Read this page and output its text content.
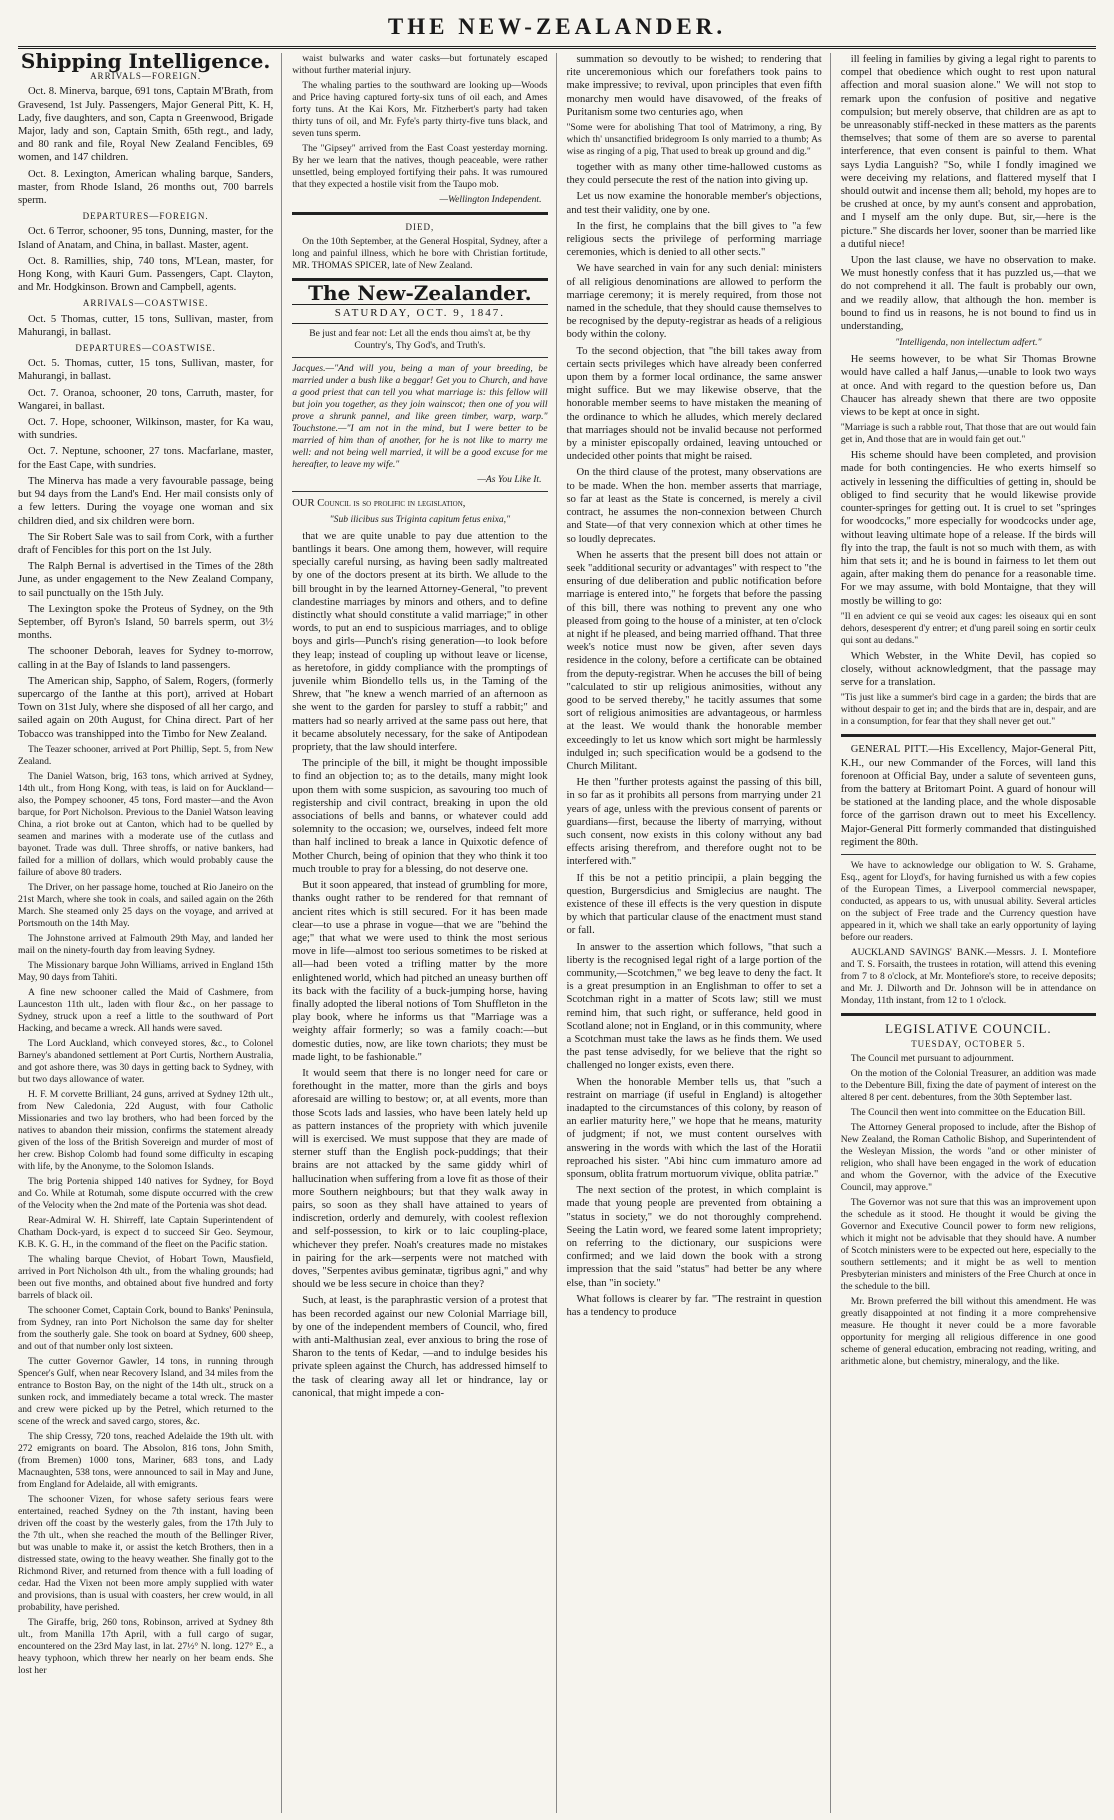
THE NEW-ZEALANDER.
Shipping Intelligence.
ARRIVALS—FOREIGN.

Oct. 8. Minerva, barque, 691 tons, Captain M'Brath, from Gravesend, 1st July. Passengers, Major General Pitt, K. H, Lady, five daughters, and son, Capta n Greenwood, Brigade Major, lady and son, Captain Smith, 65th regt., and lady, and 80 rank and file, Royal New Zealand Fencibles, 69 women, and 147 children.

Oct. 8. Lexington, American whaling barque, Sanders, master, from Rhode Island, 26 months out, 700 barrels sperm.

DEPARTURES—FOREIGN.

Oct. 6 Terror, schooner, 95 tons, Dunning, master, for the Island of Anatam, and China, in ballast. Master, agent.

Oct. 8. Ramillies, ship, 740 tons, M'Lean, master, for Hong Kong, with Kauri Gum. Passengers, Capt. Clayton, and Mr. Hodgkinson. Brown and Campbell, agents.

ARRIVALS—COASTWISE.

Oct. 5 Thomas, cutter, 15 tons, Sullivan, master, from Mahurangi, in ballast.

DEPARTURES—COASTWISE.

Oct. 5. Thomas, cutter, 15 tons, Sullivan, master, for Mahurangi, in ballast.

Oct. 7. Oranoa, schooner, 20 tons, Carruth, master, for Wangarei, in ballast.

Oct. 7. Hope, schooner, Wilkinson, master, for Ka wau, with sundries.

Oct. 7. Neptune, schooner, 27 tons. Macfarlane, master, for the East Cape, with sundries.

The Minerva has made a very favourable passage, being but 94 days from the Land's End. Her mail consists only of a few letters. During the voyage one woman and six children died, and six children were born.

The Sir Robert Sale was to sail from Cork, with a further draft of Fencibles for this port on the 1st July.

The Ralph Bernal is advertised in the Times of the 28th June, as under engagement to the New Zealand Company, to sail punctually on the 15th July.

The Lexington spoke the Proteus of Sydney, on the 9th September, off Byron's Island, 50 barrels sperm, out 3½ months.

The schooner Deborah, leaves for Sydney to-morrow, calling in at the Bay of Islands to land passengers.

The American ship, Sappho, of Salem, Rogers, (formerly supercargo of the Ianthe at this port), arrived at Hobart Town on 31st July, where she disposed of all her cargo, and sailed again on 20th August, for China direct. Part of her Tobacco was transhipped into the Timbo for New Zealand.

The Teazer schooner, arrived at Port Phillip, Sept. 5, from New Zealand.

The Daniel Watson, brig, 163 tons, which arrived at Sydney, 14th ult., from Hong Kong, with teas, is laid on for Auckland—also, the Pompey schooner, 45 tons, Ford master—and the Avon barque, for Port Nicholson. Previous to the Daniel Watson leaving China, a riot broke out at Canton, which had to be quelled by seamen and marines with a moderate use of the cutlass and bayonet. Trade was dull. Three shroffs, or native bankers, had failed for a million of dollars, which would probably cause the failure of above 80 traders.

The Driver, on her passage home, touched at Rio Janeiro on the 21st March, where she took in coals, and sailed again on the 26th March. She steamed only 25 days on the voyage, and arrived at Portsmouth on the 14th May.

The Johnstone arrived at Falmouth 29th May, and landed her mail on the ninety-fourth day from leaving Sydney.

The Missionary barque John Williams, arrived in England 15th May, 90 days from Tahiti.

A fine new schooner called the Maid of Cashmere, from Launceston 11th ult., laden with flour &c., on her passage to Sydney, struck upon a reef a little to the southward of Port Hacking, and became a wreck. All hands were saved.

The Lord Auckland, which conveyed stores, &c., to Colonel Barney's abandoned settlement at Port Curtis, Northern Australia, and got ashore there, was 30 days in getting back to Sydney, with but two days allowance of water.

H. F. M corvette Brilliant, 24 guns, arrived at Sydney 12th ult., from New Caledonia, 22d August, with four Catholic Missionaries and two lay brothers, who had been forced by the natives to abandon their mission, confirms the statement already given of the loss of the British Sovereign and murder of most of her crew. Bishop Colomb had found some difficulty in escaping with life, by the Anonyme, to the Solomon Islands.

The brig Portenia shipped 140 natives for Sydney, for Boyd and Co. While at Rotumah, some dispute occurred with the crew of the Velocity when the 2nd mate of the Portenia was shot dead.

Rear-Admiral W. H. Shirreff, late Captain Superintendent of Chatham Dock-yard, is expect d to succeed Sir Geo. Seymour, K.B. K. G. H., in the command of the fleet on the Pacific station.

The whaling barque Cheviot, of Hobart Town, Mausfield, arrived in Port Nicholson 4th ult., from the whaling grounds; had been out five months, and obtained about five hundred and forty barrels of black oil.

The schooner Comet, Captain Cork, bound to Banks' Peninsula, from Sydney, ran into Port Nicholson the same day for shelter from the southerly gale. She took on board at Sydney, 600 sheep, and out of that number only lost sixteen.

The cutter Governor Gawler, 14 tons, in running through Spencer's Gulf, when near Recovery Island, and 34 miles from the entrance to Boston Bay, on the night of the 14th ult., struck on a sunken rock, and immediately became a total wreck. The master and crew were picked up by the Petrel, which returned to the scene of the wreck and saved cargo, stores, &c.

The ship Cressy, 720 tons, reached Adelaide the 19th ult. with 272 emigrants on board. The Absolon, 816 tons, John Smith, (from Bremen) 1000 tons, Mariner, 683 tons, and Lady Macnaughten, 538 tons, were announced to sail in May and June, from England for Adelaide, all with emigrants.

The schooner Vizen, for whose safety serious fears were entertained, reached Sydney on the 7th instant, having been driven off the coast by the westerly gales, from the 17th July to the 7th ult., when she reached the mouth of the Bellinger River, but was unable to make it, or assist the ketch Brothers, then in a distressed state, owing to the heavy weather. She finally got to the Richmond River, and returned from thence with a full loading of cedar. Had the Vixen not been more amply supplied with water and provisions, than is usual with coasters, her crew would, in all probability, have perished.

The Giraffe, brig, 260 tons, Robinson, arrived at Sydney 8th ult., from Manilla 17th April, with a full cargo of sugar, encountered on the 23rd May last, in lat. 27½° N. long. 127° E., a heavy typhoon, which threw her nearly on her beam ends. She lost her

waist bulwarks and water casks—but fortunately escaped without further material injury.

The whaling parties to the southward are looking up—Woods and Price having captured forty-six tuns of oil each, and Ames forty tuns. At the Kai Kors, Mr. Fitzherbert's party had taken thirty tuns of oil, and Mr. Fyfe's party thirty-five tuns black, and seven tuns sperm.

The "Gipsey" arrived from the East Coast yesterday morning. By her we learn that the natives, though peaceable, were rather unsettled, being employed fortifying their pahs. It was rumoured that they expected a hostile visit from the Taupo mob.

—Wellington Independent.
DIED,

On the 10th September, at the General Hospital, Sydney, after a long and painful illness, which he bore with Christian fortitude, MR. THOMAS SPICER, late of New Zealand.

The New-Zealander.
SATURDAY, OCT. 9, 1847.
Be just and fear not: Let all the ends thou aims't at, be thy Country's, Thy God's, and Truth's.

Jacques.—"And will you, being a man of your breeding, be married under a bush like a beggar! Get you to Church, and have a good priest that can tell you what marriage is: this fellow will but join you together, as they join wainscot; then one of you will prove a shrunk pannel, and like green timber, warp, warp." Touchstone.—"I am not in the mind, but I were better to be married of him than of another, for he is not like to marry me well: and not being well married, it will be a good excuse for me hereafter, to leave my wife."

—As You Like It.

OUR Council is so prolific in legislation,

"Sub ilicibus sus Triginta capitum fetus enixa,"

that we are quite unable to pay due attention to the bantlings it bears. One among them, however, will require specially careful nursing, as having been sadly maltreated by one of the doctors present at its birth. We allude to the bill brought in by the learned Attorney-General, "to prevent clandestine marriages by minors and others, and to define distinctly what should constitute a valid marriage;" in other words, to put an end to suspicious marriages, and to oblige boys and girls—Punch's rising generation—to look before they leap; instead of coupling up without leave or license, as heretofore, in giddy compliance with the promptings of juvenile whim Biondello tells us, in the Taming of the Shrew, that "he knew a wench married of an afternoon as she went to the garden for parsley to stuff a rabbit;" and matters had so nearly arrived at the same pass out here, that it became absolutely necessary, for the sake of Antipodean propriety, that the law should interfere.

The principle of the bill, it might be thought impossible to find an objection to; as to the details, many might look upon them with some suspicion, as savouring too much of registership and civil contract, breaking in upon the old associations of bells and banns, or whatever could add solemnity to the occasion; we, ourselves, indeed felt more than half inclined to break a lance in Quixotic defence of Mother Church, being of opinion that they who think it too much trouble to pray for a blessing, do not deserve one.

But it soon appeared, that instead of grumbling for more, thanks ought rather to be rendered for that remnant of ancient rites which is still secured. For it has been made clear—to use a phrase in vogue—that we are "behind the age;" that what we were used to think the most serious move in life—almost too serious sometimes to be risked at all—had been voted a trifling matter by the more enlightened world, which had pitched an uneasy burthen off its back with the facility of a buck-jumping horse, having finally adopted the liberal notions of Tom Shuffleton in the play book, where he informs us that "Marriage was a weighty affair formerly; so was a family coach:—but domestic duties, now, are like town chariots; they must be made light, to be fashionable."

It would seem that there is no longer need for care or forethought in the matter, more than the girls and boys aforesaid are willing to bestow; or, at all events, more than those Scots lads and lassies, who have been lately held up as pattern instances of the propriety with which juvenile will is exercised. We must suppose that they are made of sterner stuff than the English pock-puddings; that their brains are not attacked by the same giddy whirl of hallucination when suffering from a love fit as those of their more Southern neighbours; but that they walk away in pairs, so soon as they shall have attained to years of indiscretion, orderly and demurely, with coolest reflexion and self-possession, to kirk or to laic coupling-place, whichever they prefer. Noah's creatures made no mistakes in pairing for the ark—serpents were not matched with doves, "Serpentes avibus geminatæ, tigribus agni," and why should we be less secure in choice than they?

Such, at least, is the paraphrastic version of a protest that has been recorded against our new Colonial Marriage bill, by one of the independent members of Council, who, fired with anti-Malthusian zeal, ever anxious to bring the rose of Sharon to the tents of Kedar, —and to indulge besides his private spleen against the Church, has addressed himself to the task of clearing away all let or hindrance, lay or canonical, that might impede a con-

summation so devoutly to be wished; to rendering that rite unceremonious which our forefathers took pains to make impressive; to revival, upon principles that even fifth monarchy men would have disavowed, of the freaks of Puritanism some two centuries ago, when

"Some were for abolishing That tool of Matrimony, a ring, By which th' unsanctified bridegroom Is only married to a thumb; As wise as ringing of a pig, That used to break up ground and dig."

together with as many other time-hallowed customs as they could persecute the rest of the nation into giving up.

Let us now examine the honorable member's objections, and test their validity, one by one.

In the first, he complains that the bill gives to "a few religious sects the privilege of performing marriage ceremonies, which is denied to all other sects."

We have searched in vain for any such denial: ministers of all religious denominations are allowed to perform the marriage ceremony; it is merely required, from those not named in the schedule, that they should cause themselves to be recognised by the deputy-registrar as heads of a religious body within the colony.

To the second objection, that "the bill takes away from certain sects privileges which have already been conferred upon them by a former local ordinance, the same answer might suffice. But we may likewise observe, that the honorable member seems to have mistaken the meaning of the ordinance to which he alludes, which merely declared that marriages should not be invalid because not performed by a minister episcopally ordained, leaving untouched or undecided other points that might be raised.

On the third clause of the protest, many observations are to be made. When the hon. member asserts that marriage, so far at least as the State is concerned, is merely a civil contract, he assumes the non-connexion between Church and State—of that very connexion which at other times he so loudly deprecates.

When he asserts that the present bill does not attain or seek "additional security or advantages" with respect to "the ensuring of due deliberation and public notification before marriage is entered into," he forgets that before the passing of this bill, there was nothing to prevent any one who pleased from going to the house of a minister, at ten o'clock at night if he pleased, and being married offhand. That three week's notice must now be given, after seven days residence in the colony, before a certificate can be obtained from the deputy-registrar. When he accuses the bill of being "calculated to stir up religious animosities, without any good to be served thereby," he tacitly assumes that some sort of religious animosities are advantageous, or harmless at the least. We would thank the honorable member exceedingly to let us know which sort might be harmlessly indulged in; such specification would be a godsend to the Church Militant.

He then "further protests against the passing of this bill, in so far as it prohibits all persons from marrying under 21 years of age, unless with the previous consent of parents or guardians—first, because the liberty of marrying, without such consent, now exists in this colony without any bad effects arising therefrom, and therefore ought not to be interfered with."

If this be not a petitio principii, a plain begging the question, Burgersdicius and Smiglecius are naught. The existence of these ill effects is the very question in dispute by which that particular clause of the enactment must stand or fall.

In answer to the assertion which follows, "that such a liberty is the recognised legal right of a large portion of the community,—Scotchmen," we beg leave to deny the fact. It is a great presumption in an Englishman to offer to set a Scotchman right in a matter of Scots law; still we must remind him, that such right, or sufferance, held good in Scotland alone; not in England, or in this community, where a Scotchman must take the laws as he finds them. We used the past tense advisedly, for we believe that the right so challenged no longer exists, even there.

When the honorable Member tells us, that "such a restraint on marriage (if useful in England) is altogether inadapted to the circumstances of this colony, by reason of an earlier maturity here," we hope that he means, maturity of judgment; if not, we must content ourselves with answering in the words with which the last of the Horatii reproached his sister. "Abi hinc cum immaturo amore ad sponsum, oblita fratrum mortuorum vivique, oblita patriæ."

The next section of the protest, in which complaint is made that young people are prevented from obtaining a "status in society," we do not thoroughly comprehend. Seeing the Latin word, we feared some latent impropriety; on referring to the dictionary, our suspicions were confirmed; and we laid down the book with a strong impression that the said "status" had better be any where else, than "in society."

What follows is clearer by far. "The restraint in question has a tendency to produce

ill feeling in families by giving a legal right to parents to compel that obedience which ought to rest upon natural affection and moral suasion alone." We will not stop to remark upon the confusion of positive and negative compulsion; but merely observe, that children are as apt to be unreasonably stiff-necked in these matters as the parents themselves; that some of them are so averse to parental interference, that even consent is painful to them. What says Lydia Languish? "So, while I fondly imagined we were deceiving my relations, and flattered myself that I should outwit and incense them all; behold, my hopes are to be crushed at once, by my aunt's consent and approbation, and I myself am the only dupe. But, sir,—here is the picture." She discards her lover, sooner than be married like a dutiful niece!

Upon the last clause, we have no observation to make. We must honestly confess that it has puzzled us,—that we do not comprehend it all. The fault is probably our own, and we readily allow, that although the hon. member is bound to find us in reasons, he is not bound to find us in understanding,

"Intelligenda, non intellectum adfert."

He seems however, to be what Sir Thomas Browne would have called a half Janus,—unable to look two ways at once. And with regard to the question before us, Dan Chaucer has already shewn that there are two opposite views to be kept at once in sight.

"Marriage is such a rabble rout, That those that are out would fain get in, And those that are in would fain get out."

His scheme should have been completed, and provision made for both contingencies. He who exerts himself so actively in lessening the difficulties of getting in, should be obliged to find security that he would likewise provide counter-springes for getting out. It is cruel to set "springes for woodcocks," more especially for woodcocks under age, without leaving ultimate hope of a release. If the birds will fly into the trap, the fault is not so much with them, as with him that sets it; and he is bound in fairness to let them out again, after making them do penance for a reasonable time. For we may assume, with bold Montaigne, that they will mostly be willing to go:

"Il en advient ce qui se veoid aux cages: les oiseaux qui en sont dehors, desesperent d'y entrer; et d'ung pareil soing en sortir ceulx qui sont au dedans."

Which Webster, in the White Devil, has copied so closely, without acknowledgment, that the passage may serve for a translation.

"Tis just like a summer's bird cage in a garden; the birds that are without despair to get in; and the birds that are in, despair, and are in a consumption, for fear that they shall never get out."

GENERAL PITT.—His Excellency, Major-General Pitt, K.H., our new Commander of the Forces, will land this forenoon at Official Bay, under a salute of seventeen guns, from the battery at Britomart Point. A guard of honour will be stationed at the landing place, and the whole disposable force of the garrison drawn out to meet his Excellency. Major-General Pitt formerly commanded that distinguished regiment the 80th.

We have to acknowledge our obligation to W. S. Grahame, Esq., agent for Lloyd's, for having furnished us with a few copies of the European Times, a Liverpool commercial newspaper, conducted, as appears to us, with unusual ability. Several articles on the subject of Free trade and the Currency question have appeared in it, which we shall take an early opportunity of laying before our readers.

AUCKLAND SAVINGS' BANK.—Messrs. J. I. Montefiore and T. S. Forsaith, the trustees in rotation, will attend this evening from 7 to 8 o'clock, at Mr. Montefiore's store, to receive deposits; and Mr. J. Dilworth and Dr. Johnson will be in attendance on Monday, 11th instant, from 12 to 1 o'clock.

LEGISLATIVE COUNCIL.
TUESDAY, OCTOBER 5.

The Council met pursuant to adjournment.

On the motion of the Colonial Treasurer, an addition was made to the Debenture Bill, fixing the date of payment of interest on the altered 8 per cent. debentures, from the 30th September last.

The Council then went into committee on the Education Bill.

The Attorney General proposed to include, after the Bishop of New Zealand, the Roman Catholic Bishop, and Superintendent of the Wesleyan Mission, the words "and or other minister of religion, who shall have been engaged in the work of education and whom the Governor, with the advice of the Executive Council, may approve."

The Governor was not sure that this was an improvement upon the schedule as it stood. He thought it would be giving the Governor and Executive Council power to form new religions, which it might not be advisable that they should have. A number of Scotch ministers were to be expected out here, especially to the southern settlements; and it might be as well to mention Presbyterian ministers and ministers of the Free Church at once in the schedule to the bill.

Mr. Brown preferred the bill without this amendment. He was greatly disappointed at not finding it a more comprehensive measure. He thought it never could be a more favorable opportunity for merging all religious difference in one good scheme of general education, embracing not reading, writing, and arithmetic alone, but chemistry, mineralogy, and the like.
